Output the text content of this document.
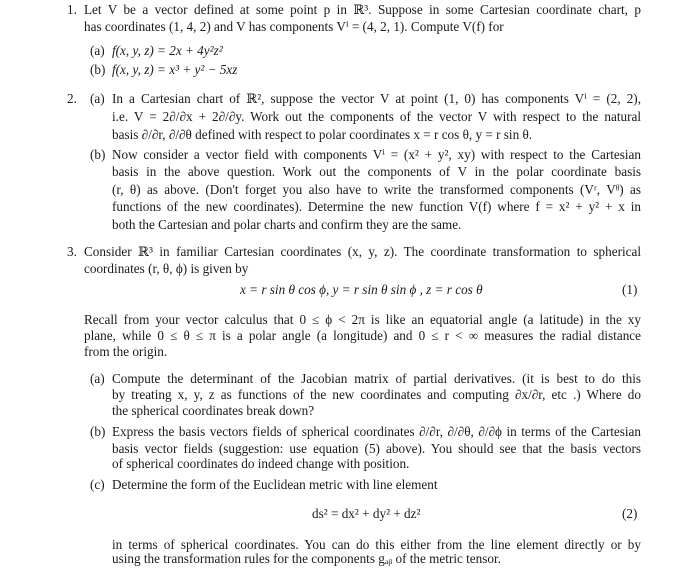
1. Let V be a vector defined at some point p in ℝ³. Suppose in some Cartesian coordinate chart, p
has coordinates (1, 4, 2) and V has components Vⁱ = (4, 2, 1). Compute V(f) for
(a) f(x, y, z) = 2x + 4y²z²
(b) f(x, y, z) = x³ + y² − 5xz
2. (a) In a Cartesian chart of ℝ², suppose the vector V at point (1, 0) has components Vⁱ = (2, 2),
i.e. V = 2∂/∂x + 2∂/∂y. Work out the components of the vector V with respect to the natural
basis ∂/∂r, ∂/∂θ defined with respect to polar coordinates x = r cos θ, y = r sin θ.
(b) Now consider a vector field with components Vⁱ = (x² + y², xy) with respect to the Cartesian
basis in the above question. Work out the components of V in the polar coordinate basis
(r, θ) as above. (Don't forget you also have to write the transformed components (Vʳ, Vᶿ) as
functions of the new coordinates). Determine the new function V(f) where f = x² + y² + x in
both the Cartesian and polar charts and confirm they are the same.
3. Consider ℝ³ in familiar Cartesian coordinates (x, y, z). The coordinate transformation to spherical
coordinates (r, θ, ϕ) is given by
x = r sin θ cos ϕ, y = r sin θ sin ϕ , z = r cos θ	(1)
Recall from your vector calculus that 0 ≤ ϕ < 2π is like an equatorial angle (a latitude) in the xy
plane, while 0 ≤ θ ≤ π is a polar angle (a longitude) and 0 ≤ r < ∞ measures the radial distance
from the origin.
(a) Compute the determinant of the Jacobian matrix of partial derivatives. (it is best to do this
by treating x, y, z as functions of the new coordinates and computing ∂x/∂r, etc .) Where do
the spherical coordinates break down?
(b) Express the basis vectors fields of spherical coordinates ∂/∂r, ∂/∂θ, ∂/∂ϕ in terms of the Cartesian
basis vector fields (suggestion: use equation (5) above). You should see that the basis vectors
of spherical coordinates do indeed change with position.
(c) Determine the form of the Euclidean metric with line element
ds² = dx² + dy² + dz²	(2)
in terms of spherical coordinates. You can do this either from the line element directly or by
using the transformation rules for the components gₐᵦ of the metric tensor.
